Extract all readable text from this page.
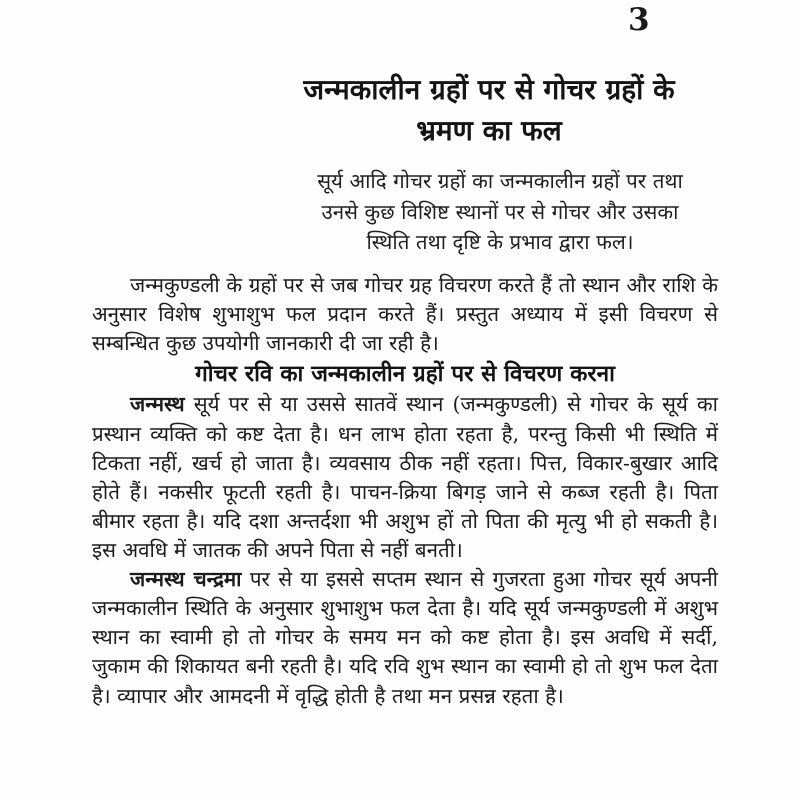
3
जन्मकालीन ग्रहों पर से गोचर ग्रहों के
भ्रमण का फल
सूर्य आदि गोचर ग्रहों का जन्मकालीन ग्रहों पर तथा
उनसे कुछ विशिष्ट स्थानों पर से गोचर और उसका
स्थिति तथा दृष्टि के प्रभाव द्वारा फल।

जन्मकुण्डली के ग्रहों पर से जब गोचर ग्रह विचरण करते हैं तो स्थान और राशि के अनुसार विशेष शुभाशुभ फल प्रदान करते हैं। प्रस्तुत अध्याय में इसी विचरण से सम्बन्धित कुछ उपयोगी जानकारी दी जा रही है।

गोचर रवि का जन्मकालीन ग्रहों पर से विचरण करना

जन्मस्थ सूर्य पर से या उससे सातवें स्थान (जन्मकुण्डली) से गोचर के सूर्य का प्रस्थान व्यक्ति को कष्ट देता है। धन लाभ होता रहता है, परन्तु किसी भी स्थिति में टिकता नहीं, खर्च हो जाता है। व्यवसाय ठीक नहीं रहता। पित्त, विकार-बुखार आदि होते हैं। नकसीर फूटती रहती है। पाचन-क्रिया बिगड़ जाने से कब्ज रहती है। पिता बीमार रहता है। यदि दशा अन्तर्दशा भी अशुभ हों तो पिता की मृत्यु भी हो सकती है। इस अवधि में जातक की अपने पिता से नहीं बनती।

जन्मस्थ चन्द्रमा पर से या इससे सप्तम स्थान से गुजरता हुआ गोचर सूर्य अपनी जन्मकालीन स्थिति के अनुसार शुभाशुभ फल देता है। यदि सूर्य जन्मकुण्डली में अशुभ स्थान का स्वामी हो तो गोचर के समय मन को कष्ट होता है। इस अवधि में सर्दी, जुकाम की शिकायत बनी रहती है। यदि रवि शुभ स्थान का स्वामी हो तो शुभ फल देता है। व्यापार और आमदनी में वृद्धि होती है तथा मन प्रसन्न रहता है।
